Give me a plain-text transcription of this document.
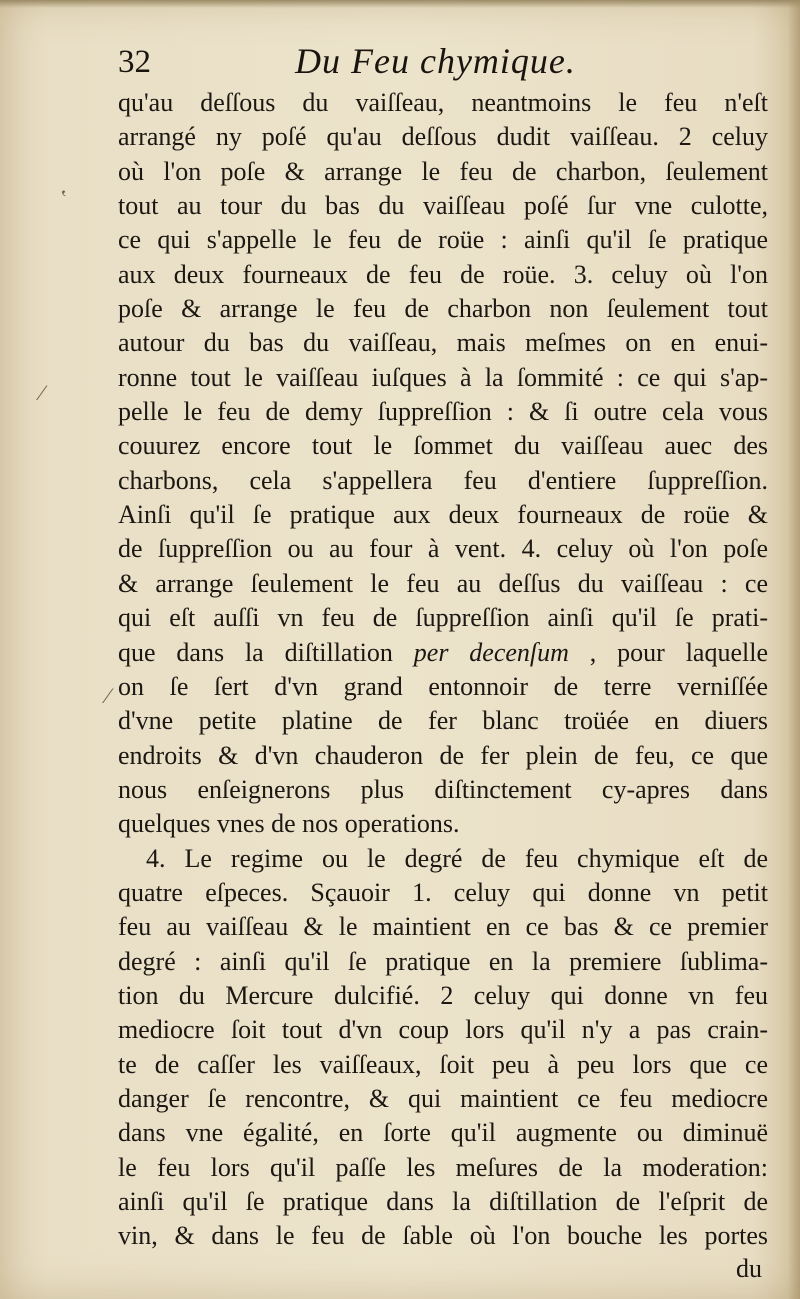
32	Du Feu chymique.
‛
⁄
⁄
qu'au deſſous du vaiſſeau, neantmoins le feu n'eſt
arrangé ny poſé qu'au deſſous dudit vaiſſeau. 2 celuy
où l'on poſe & arrange le feu de charbon, ſeulement
tout au tour du bas du vaiſſeau poſé ſur vne culotte,
ce qui s'appelle le feu de roüe : ainſi qu'il ſe pratique
aux deux fourneaux de feu de roüe. 3. celuy où l'on
poſe & arrange le feu de charbon non ſeulement tout
autour du bas du vaiſſeau, mais meſmes on en enui-
ronne tout le vaiſſeau iuſques à la ſommité : ce qui s'ap-
pelle le feu de demy ſuppreſſion : & ſi outre cela vous
couurez encore tout le ſommet du vaiſſeau auec des
charbons, cela s'appellera feu d'entiere ſuppreſſion.
Ainſi qu'il ſe pratique aux deux fourneaux de roüe &
de ſuppreſſion ou au four à vent. 4. celuy où l'on poſe
& arrange ſeulement le feu au deſſus du vaiſſeau : ce
qui eſt auſſi vn feu de ſuppreſſion ainſi qu'il ſe prati-
que dans la diſtillation per decenſum , pour laquelle
on ſe ſert d'vn grand entonnoir de terre verniſſée
d'vne petite platine de fer blanc troüée en diuers
endroits & d'vn chauderon de fer plein de feu, ce que
nous enſeignerons plus diſtinctement cy-apres dans
quelques vnes de nos operations.
4. Le regime ou le degré de feu chymique eſt de
quatre eſpeces. Sçauoir 1. celuy qui donne vn petit
feu au vaiſſeau & le maintient en ce bas & ce premier
degré : ainſi qu'il ſe pratique en la premiere ſublima-
tion du Mercure dulcifié. 2 celuy qui donne vn feu
mediocre ſoit tout d'vn coup lors qu'il n'y a pas crain-
te de caſſer les vaiſſeaux, ſoit peu à peu lors que ce
danger ſe rencontre, & qui maintient ce feu mediocre
dans vne égalité, en ſorte qu'il augmente ou diminuë
le feu lors qu'il paſſe les meſures de la moderation:
ainſi qu'il ſe pratique dans la diſtillation de l'eſprit de
vin, & dans le feu de ſable où l'on bouche les portes
du
